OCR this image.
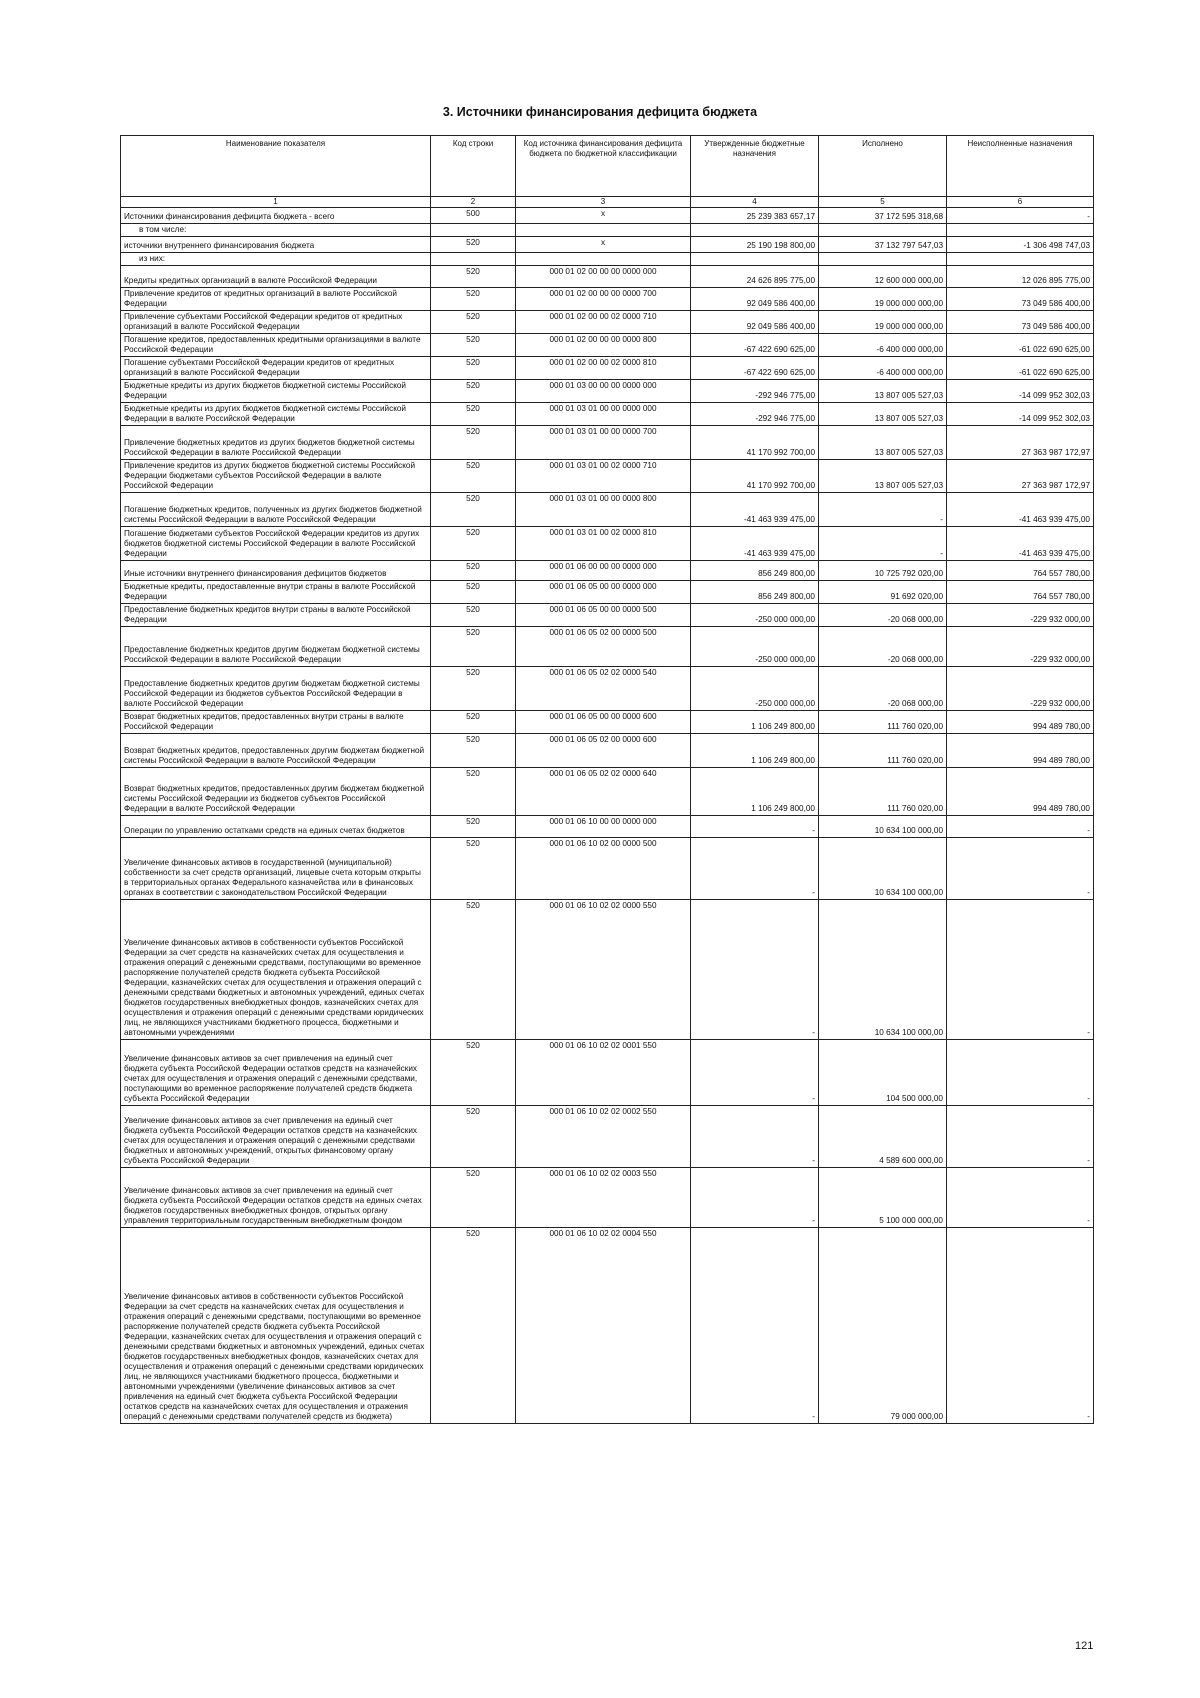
3. Источники финансирования дефицита бюджета
Наименование показателя	Код строки	Код источника финансирования дефицита бюджета по бюджетной классификации	Утвержденные бюджетные назначения	Исполнено	Неисполненные назначения
1	2	3	4	5	6
Источники финансирования дефицита бюджета - всего	500	x	25 239 383 657,17	37 172 595 318,68	-
в том числе:					
источники внутреннего финансирования бюджета	520	x	25 190 198 800,00	37 132 797 547,03	-1 306 498 747,03
из них:					
Кредиты кредитных организаций в валюте Российской Федерации	520	000 01 02 00 00 00 0000 000	24 626 895 775,00	12 600 000 000,00	12 026 895 775,00
Привлечение кредитов от кредитных организаций в валюте Российской Федерации	520	000 01 02 00 00 00 0000 700	92 049 586 400,00	19 000 000 000,00	73 049 586 400,00
Привлечение субъектами Российской Федерации кредитов от кредитных организаций в валюте Российской Федерации	520	000 01 02 00 00 02 0000 710	92 049 586 400,00	19 000 000 000,00	73 049 586 400,00
Погашение кредитов, предоставленных кредитными организациями в валюте Российской Федерации	520	000 01 02 00 00 00 0000 800	-67 422 690 625,00	-6 400 000 000,00	-61 022 690 625,00
Погашение субъектами Российской Федерации кредитов от кредитных организаций в валюте Российской Федерации	520	000 01 02 00 00 02 0000 810	-67 422 690 625,00	-6 400 000 000,00	-61 022 690 625,00
Бюджетные кредиты из других бюджетов бюджетной системы Российской Федерации	520	000 01 03 00 00 00 0000 000	-292 946 775,00	13 807 005 527,03	-14 099 952 302,03
Бюджетные кредиты из других бюджетов бюджетной системы Российской Федерации в валюте Российской Федерации	520	000 01 03 01 00 00 0000 000	-292 946 775,00	13 807 005 527,03	-14 099 952 302,03
Привлечение бюджетных кредитов из других бюджетов бюджетной системы Российской Федерации в валюте Российской Федерации	520	000 01 03 01 00 00 0000 700	41 170 992 700,00	13 807 005 527,03	27 363 987 172,97
Привлечение кредитов из других бюджетов бюджетной системы Российской Федерации бюджетами субъектов Российской Федерации в валюте Российской Федерации	520	000 01 03 01 00 02 0000 710	41 170 992 700,00	13 807 005 527,03	27 363 987 172,97
Погашение бюджетных кредитов, полученных из других бюджетов бюджетной системы Российской Федерации в валюте Российской Федерации	520	000 01 03 01 00 00 0000 800	-41 463 939 475,00	-	-41 463 939 475,00
Погашение бюджетами субъектов Российской Федерации кредитов из других бюджетов бюджетной системы Российской Федерации в валюте Российской Федерации	520	000 01 03 01 00 02 0000 810	-41 463 939 475,00	-	-41 463 939 475,00
Иные источники внутреннего финансирования дефицитов бюджетов	520	000 01 06 00 00 00 0000 000	856 249 800,00	10 725 792 020,00	764 557 780,00
Бюджетные кредиты, предоставленные внутри страны в валюте Российской Федерации	520	000 01 06 05 00 00 0000 000	856 249 800,00	91 692 020,00	764 557 780,00
Предоставление бюджетных кредитов внутри страны в валюте Российской Федерации	520	000 01 06 05 00 00 0000 500	-250 000 000,00	-20 068 000,00	-229 932 000,00
Предоставление бюджетных кредитов другим бюджетам бюджетной системы Российской Федерации в валюте Российской Федерации	520	000 01 06 05 02 00 0000 500	-250 000 000,00	-20 068 000,00	-229 932 000,00
Предоставление бюджетных кредитов другим бюджетам бюджетной системы Российской Федерации из бюджетов субъектов Российской Федерации в валюте Российской Федерации	520	000 01 06 05 02 02 0000 540	-250 000 000,00	-20 068 000,00	-229 932 000,00
Возврат бюджетных кредитов, предоставленных внутри страны в валюте Российской Федерации	520	000 01 06 05 00 00 0000 600	1 106 249 800,00	111 760 020,00	994 489 780,00
Возврат бюджетных кредитов, предоставленных другим бюджетам бюджетной системы Российской Федерации в валюте Российской Федерации	520	000 01 06 05 02 00 0000 600	1 106 249 800,00	111 760 020,00	994 489 780,00
Возврат бюджетных кредитов, предоставленных другим бюджетам бюджетной системы Российской Федерации из бюджетов субъектов Российской Федерации в валюте Российской Федерации	520	000 01 06 05 02 02 0000 640	1 106 249 800,00	111 760 020,00	994 489 780,00
Операции по управлению остатками средств на единых счетах бюджетов	520	000 01 06 10 00 00 0000 000	-	10 634 100 000,00	-
Увеличение финансовых активов в государственной (муниципальной) собственности за счет средств организаций, лицевые счета которым открыты в территориальных органах Федерального казначейства или в финансовых органах в соответствии с законодательством Российской Федерации	520	000 01 06 10 02 00 0000 500	-	10 634 100 000,00	-
Увеличение финансовых активов в собственности субъектов Российской Федерации за счет средств на казначейских счетах для осуществления и отражения операций с денежными средствами, поступающими во временное распоряжение получателей средств бюджета субъекта Российской Федерации, казначейских счетах для осуществления и отражения операций с денежными средствами бюджетных и автономных учреждений, единых счетах бюджетов государственных внебюджетных фондов, казначейских счетах для осуществления и отражения операций с денежными средствами юридических лиц, не являющихся участниками бюджетного процесса, бюджетными и автономными учреждениями	520	000 01 06 10 02 02 0000 550	-	10 634 100 000,00	-
Увеличение финансовых активов за счет привлечения на единый счет бюджета субъекта Российской Федерации остатков средств на казначейских счетах для осуществления и отражения операций с денежными средствами, поступающими во временное распоряжение получателей средств бюджета субъекта Российской Федерации	520	000 01 06 10 02 02 0001 550	-	104 500 000,00	-
Увеличение финансовых активов за счет привлечения на единый счет бюджета субъекта Российской Федерации остатков средств на казначейских счетах для осуществления и отражения операций с денежными средствами бюджетных и автономных учреждений, открытых финансовому органу субъекта Российской Федерации	520	000 01 06 10 02 02 0002 550	-	4 589 600 000,00	-
Увеличение финансовых активов за счет привлечения на единый счет бюджета субъекта Российской Федерации остатков средств на единых счетах бюджетов государственных внебюджетных фондов, открытых органу управления территориальным государственным внебюджетным фондом	520	000 01 06 10 02 02 0003 550	-	5 100 000 000,00	-
Увеличение финансовых активов в собственности субъектов Российской Федерации за счет средств на казначейских счетах для осуществления и отражения операций с денежными средствами, поступающими во временное распоряжение получателей средств бюджета субъекта Российской Федерации, казначейских счетах для осуществления и отражения операций с денежными средствами бюджетных и автономных учреждений, единых счетах бюджетов государственных внебюджетных фондов, казначейских счетах для осуществления и отражения операций с денежными средствами юридических лиц, не являющихся участниками бюджетного процесса, бюджетными и автономными учреждениями (увеличение финансовых активов за счет привлечения на единый счет бюджета субъекта Российской Федерации остатков средств на казначейских счетах для осуществления и отражения операций с денежными средствами получателей средств из бюджета)	520	000 01 06 10 02 02 0004 550	-	79 000 000,00	-
121
